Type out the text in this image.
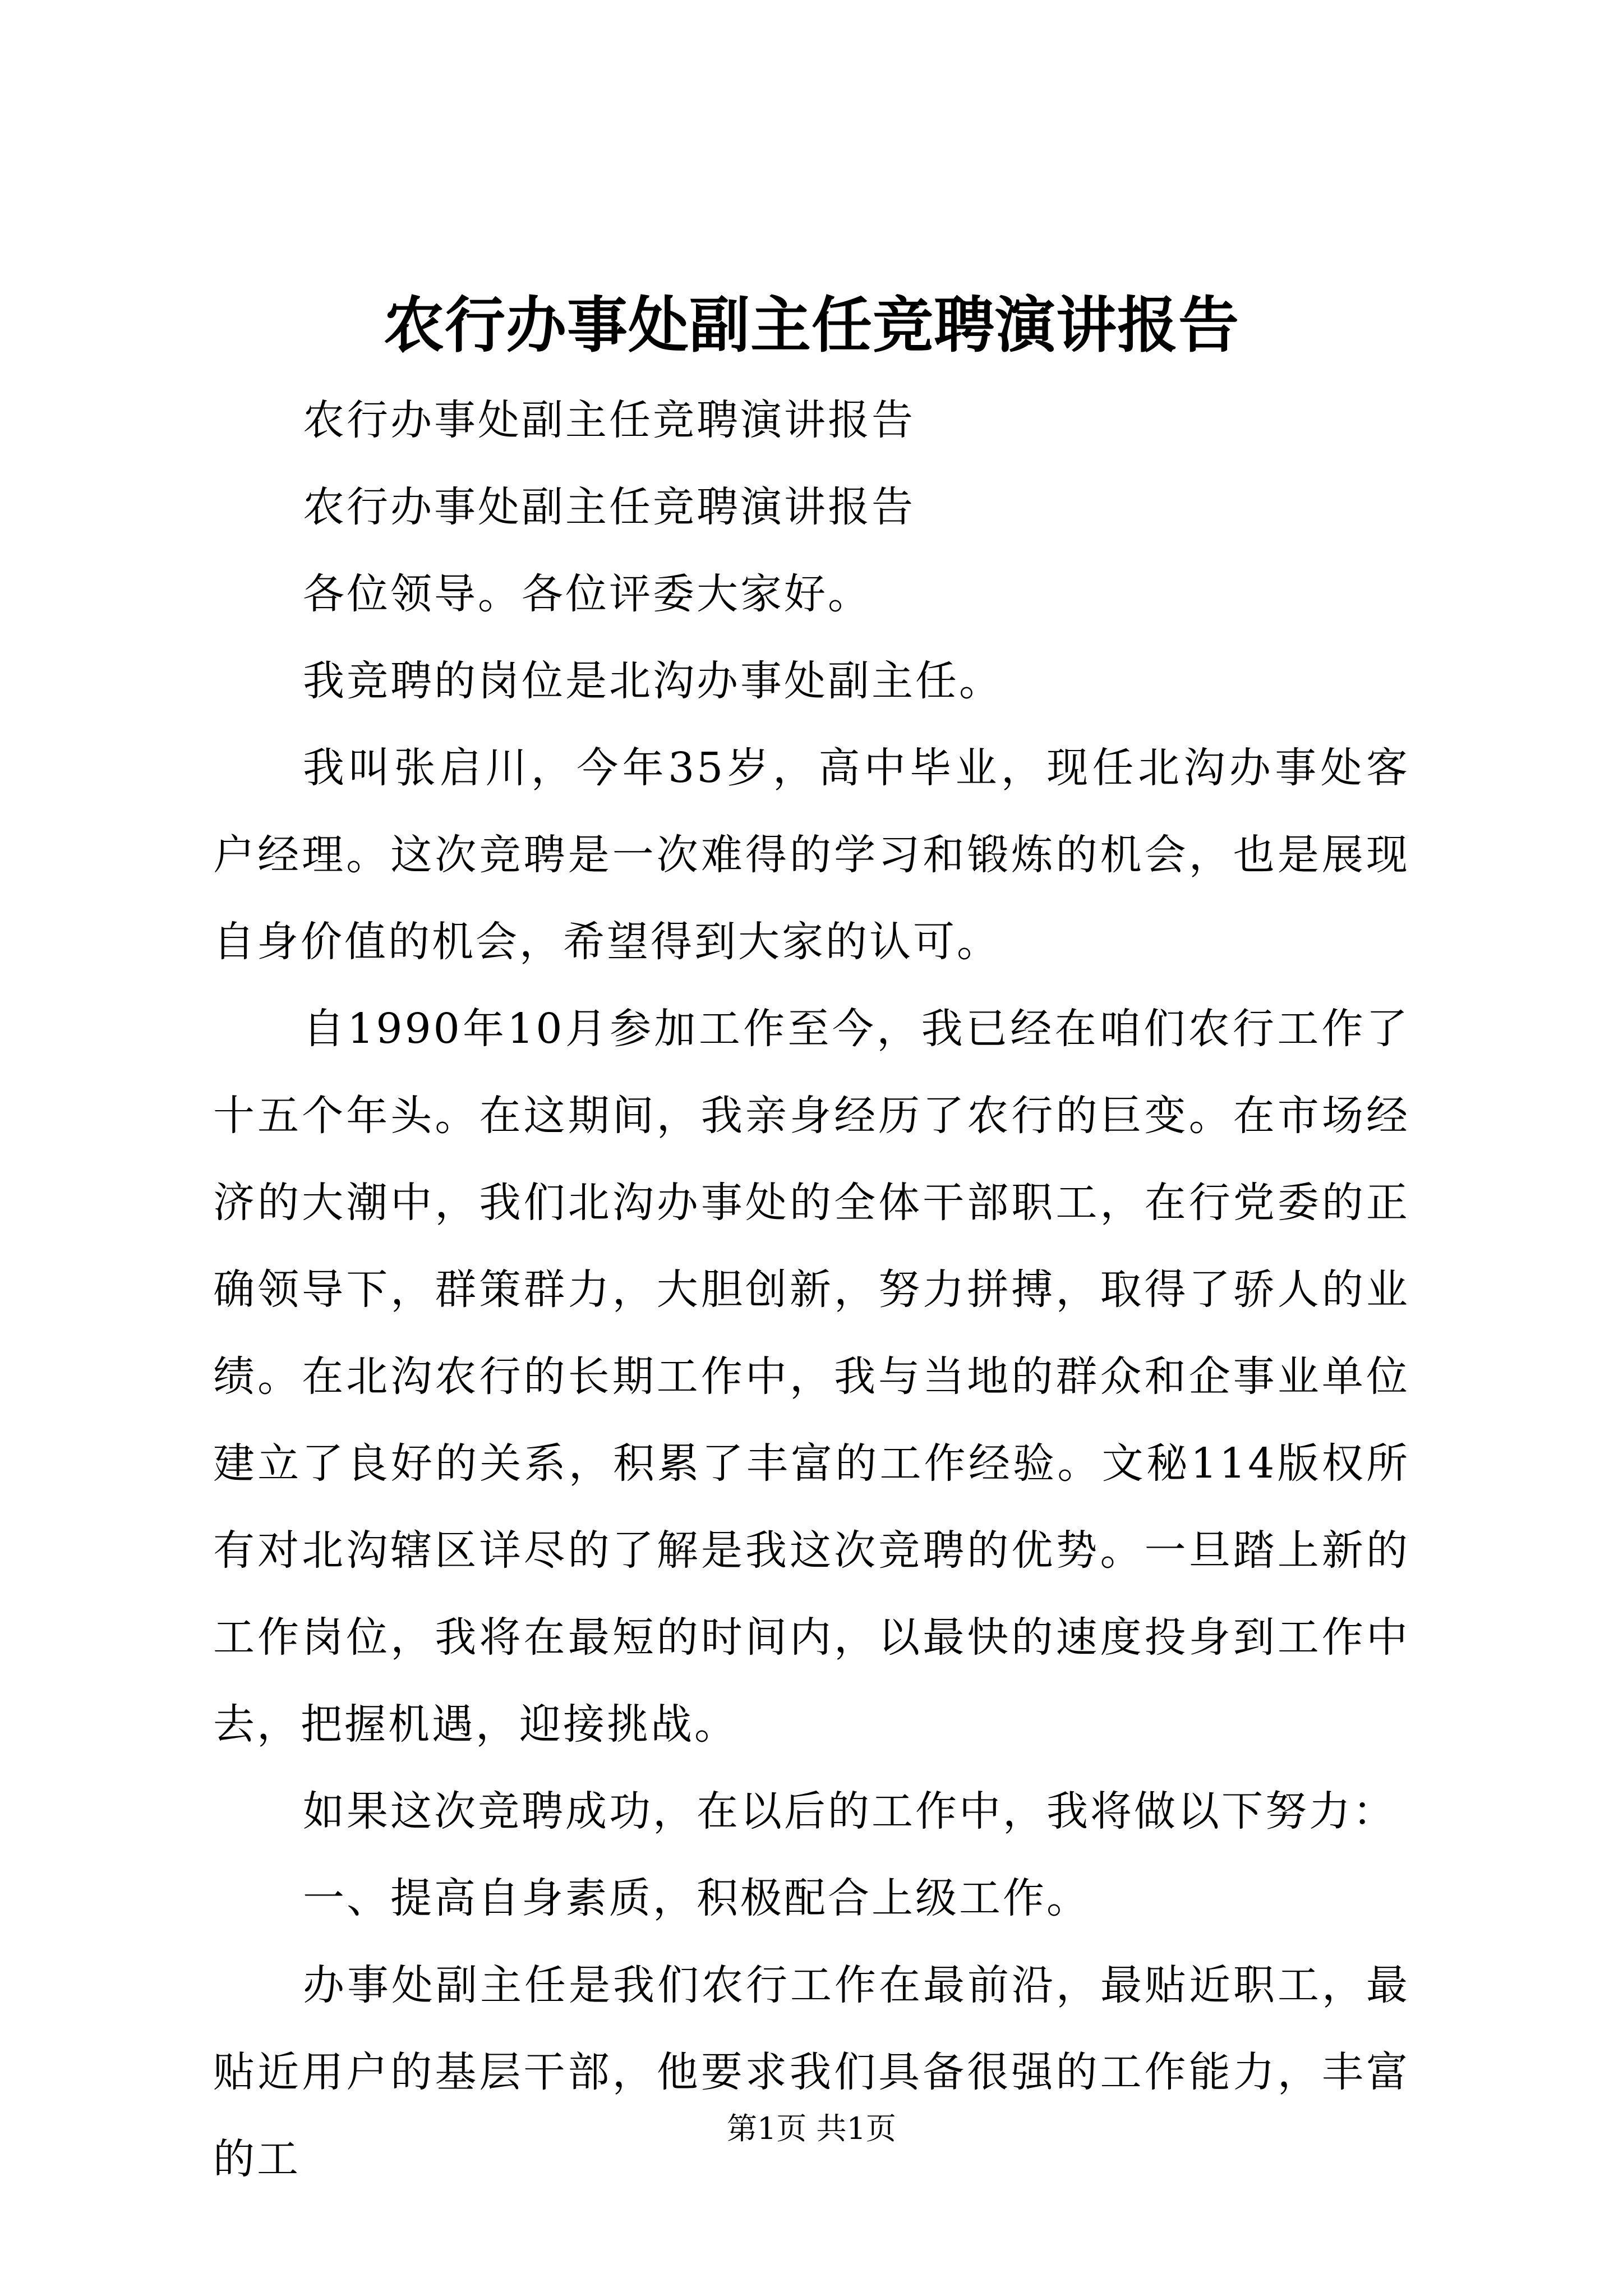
农行办事处副主任竞聘演讲报告

农行办事处副主任竞聘演讲报告

农行办事处副主任竞聘演讲报告

各位领导。各位评委大家好。

我竞聘的岗位是北沟办事处副主任。

我叫张启川，今年35岁，高中毕业，现任北沟办事处客户经理。这次竞聘是一次难得的学习和锻炼的机会，也是展现自身价值的机会，希望得到大家的认可。

自1990年10月参加工作至今，我已经在咱们农行工作了十五个年头。在这期间，我亲身经历了农行的巨变。在市场经济的大潮中，我们北沟办事处的全体干部职工，在行党委的正确领导下，群策群力，大胆创新，努力拼搏，取得了骄人的业绩。在北沟农行的长期工作中，我与当地的群众和企事业单位建立了良好的关系，积累了丰富的工作经验。文秘114版权所有对北沟辖区详尽的了解是我这次竞聘的优势。一旦踏上新的工作岗位，我将在最短的时间内，以最快的速度投身到工作中去，把握机遇，迎接挑战。

如果这次竞聘成功，在以后的工作中，我将做以下努力：

一、提高自身素质，积极配合上级工作。

办事处副主任是我们农行工作在最前沿，最贴近职工，最贴近用户的基层干部，他要求我们具备很强的工作能力，丰富的工

第1页 共1页
